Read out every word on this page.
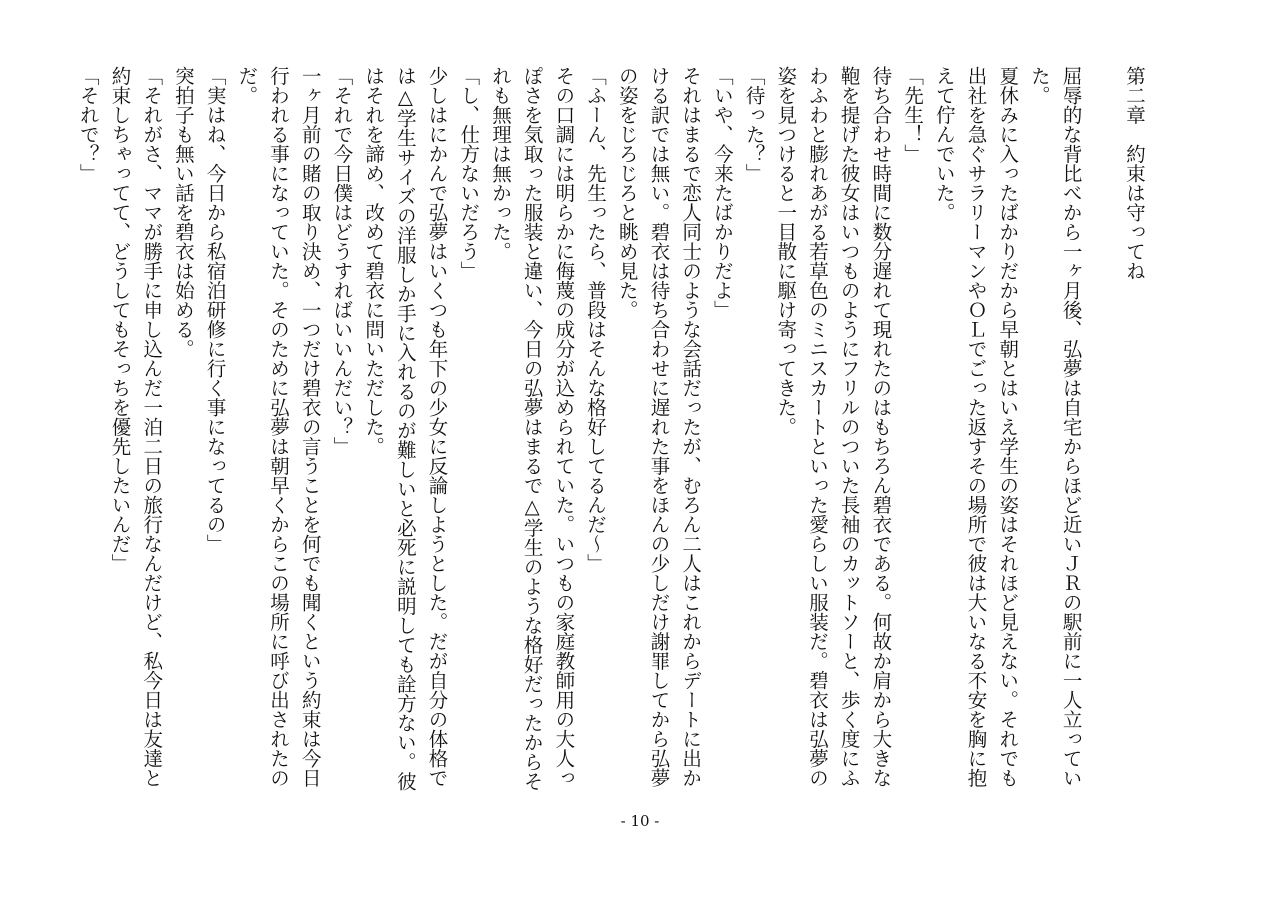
第二章　約束は守ってね

屈辱的な背比べから一ヶ月後、弘夢は自宅からほど近いＪＲの駅前に一人立っていた。

夏休みに入ったばかりだから早朝とはいえ学生の姿はそれほど見えない。それでも出社を急ぐサラリーマンやＯＬでごった返すその場所で彼は大いなる不安を胸に抱えて佇んでいた。

「先生！」

待ち合わせ時間に数分遅れて現れたのはもちろん碧衣である。何故か肩から大きな鞄を提げた彼女はいつものようにフリルのついた長袖のカットソーと、歩く度にふわふわと膨れあがる若草色のミニスカートといった愛らしい服装だ。碧衣は弘夢の姿を見つけると一目散に駆け寄ってきた。

「待った？」

「いや、今来たばかりだよ」

それはまるで恋人同士のような会話だったが、むろん二人はこれからデートに出かける訳では無い。碧衣は待ち合わせに遅れた事をほんの少しだけ謝罪してから弘夢の姿をじろじろと眺め見た。

「ふーん、先生ったら、普段はそんな格好してるんだ～」

その口調には明らかに侮蔑の成分が込められていた。いつもの家庭教師用の大人っぽさを気取った服装と違い、今日の弘夢はまるで△学生のような格好だったからそれも無理は無かった。

「し、仕方ないだろう」

少しはにかんで弘夢はいくつも年下の少女に反論しようとした。だが自分の体格では△学生サイズの洋服しか手に入れるのが難しいと必死に説明しても詮方ない。彼はそれを諦め、改めて碧衣に問いただした。

「それで今日僕はどうすればいいんだい？」

一ヶ月前の賭の取り決め、一つだけ碧衣の言うことを何でも聞くという約束は今日行われる事になっていた。そのために弘夢は朝早くからこの場所に呼び出されたのだ。

「実はね、今日から私宿泊研修に行く事になってるの」

突拍子も無い話を碧衣は始める。

「それがさ、ママが勝手に申し込んだ一泊二日の旅行なんだけど、私今日は友達と約束しちゃってて、どうしてもそっちを優先したいんだ」

「それで？」

- 10 -
